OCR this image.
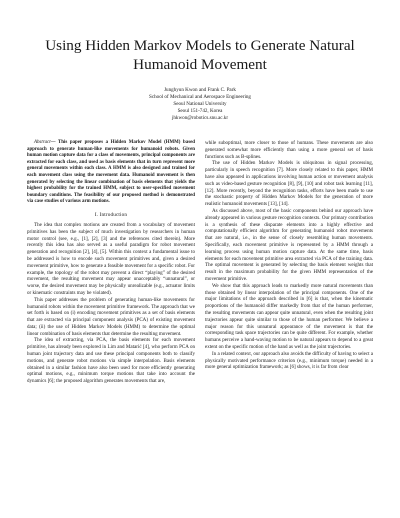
Using Hidden Markov Models to Generate Natural Humanoid Movement
Junghyun Kwon and Frank C. Park
School of Mechanical and Aerospace Engineering
Seoul National University
Seoul 151-742, Korea
jhkwon@robotics.snu.ac.kr

Abstract— This paper proposes a Hidden Markov Model (HMM) based approach to generate human-like movements for humanoid robots. Given human motion capture data for a class of movements, principal components are extracted for each class, and used as basis elements that in turn represent more general movements within each class. A HMM is also designed and trained for each movement class using the movement data. Humanoid movement is then generated by selecting the linear combination of basis elements that yields the highest probability for the trained HMM, subject to user-specified movement boundary conditions. The feasibility of our proposed method is demonstrated via case studies of various arm motions.

I. Introduction

The idea that complex motions are created from a vocabulary of movement primitives has been the subject of much investigation by researchers in human motor control (see, e.g., [1], [2], [3] and the references cited therein). More recently this idea has also served as a useful paradigm for robot movement generation and recognition [2], [4], [5]. Within this context a fundamental issue to be addressed is how to encode such movement primitives and, given a desired movement primitive, how to generate a feasible movement for a specific robot. For example, the topology of the robot may prevent a direct “playing” of the desired movement, the resulting movement may appear unacceptably “unnatural”, or worse, the desired movement may be physically unrealizable (e.g., actuator limits or kinematic constraints may be violated).

This paper addresses the problem of generating human-like movements for humanoid robots within the movement primitive framework. The approach that we set forth is based on (i) encoding movement primitives as a set of basis elements that are extracted via principal component analysis (PCA) of existing movement data; (ii) the use of Hidden Markov Models (HMM) to determine the optimal linear combination of basis elements that determine the resulting movement.

The idea of extracting, via PCA, the basis elements for each movement primitive, has already been explored in Lim and Matarić [4], who perform PCA on human joint trajectory data and use these principal components both to classify motions, and generate robot motions via simple interpolation. Basis elements obtained in a similar fashion have also been used for more efficiently generating optimal motions, e.g., minimum torque motions that take into account the dynamics [6]; the proposed algorithm generates movements that are,

while suboptimal, more closer to those of humans. These movements are also generated somewhat more efficiently than using a more general set of basis functions such as B-splines.

The use of Hidden Markov Models is ubiquitous in signal processing, particularly in speech recognition [7]. More closely related to this paper, HMM have also appeared in applications involving human action or movement analysis such as video-based gesture recognition [8], [9], [10] and robot task learning [11], [12]. More recently, beyond the recognition tasks, efforts have been made to use the stochastic property of Hidden Markov Models for the generation of more realistic humanoid movements [13], [14].

As discussed above, most of the basic components behind our approach have already appeared in various gesture recognition contexts. Our primary contribution is a synthesis of these disparate elements into a highly effective and computationally efficient algorithm for generating humanoid robot movements that are natural, i.e., in the sense of closely resembling human movements. Specifically, each movement primitive is represented by a HMM through a learning process using human motion capture data. At the same time, basis elements for each movement primitive area extracted via PCA of the training data. The optimal movement is generated by selecting the basis element weights that result in the maximum probability for the given HMM representation of the movement primitive.

We show that this approach leads to markedly more natural movements than those obtained by linear interpolation of the principal components. One of the major limitations of the approach described in [6] is that, when the kinematic proportions of the humanoid differ markedly from that of the human performer, the resulting movements can appear quite unnatural, even when the resulting joint trajectories appear quite similar to those of the human performer. We believe a major reason for this unnatural appearance of the movement is that the corresponding task space trajectories can be quite different. For example, whether humans perceive a hand-waving motion to be natural appears to depend to a great extent on the specific motion of the hand as well as the joint trajectories.

In a related context, our approach also avoids the difficulty of having to select a physically motivated performance criterion (e.g., minimum torque) needed in a more general optimization framework; as [6] shows, it is far from clear
